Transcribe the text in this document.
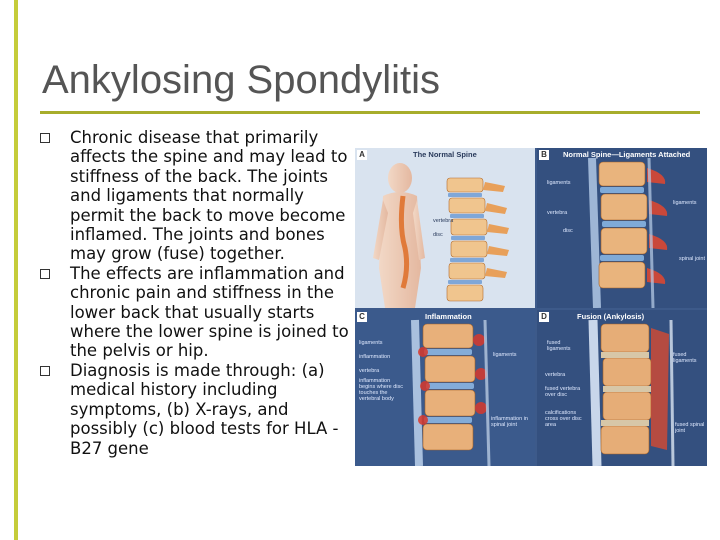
Ankylosing Spondylitis

Chronic disease that primarily affects the spine and may lead to stiffness of the back. The joints and ligaments that normally permit the back to move become inflamed. The joints and bones may grow (fuse) together.

The effects are inflammation and chronic pain and stiffness in the lower back that usually starts where the lower spine is joined to the pelvis or hip.

Diagnosis is made through: (a) medical history including symptoms, (b) X-rays, and possibly (c) blood tests for HLA -B27 gene

A	The Normal Spine
vertebra
disc
B Normal Spine—Ligaments Attached
ligaments
ligaments
vertebra
disc
spinal joint
C	Inflammation
ligaments
ligaments
inflammation
vertebra
inflammation begins where disc touches the vertebral body
inflammation in spinal joint
D	Fusion (Ankylosis)
fused ligaments
fused ligaments
vertebra
fused vertebra over disc
calcifications cross over disc area	fused spinal joint
